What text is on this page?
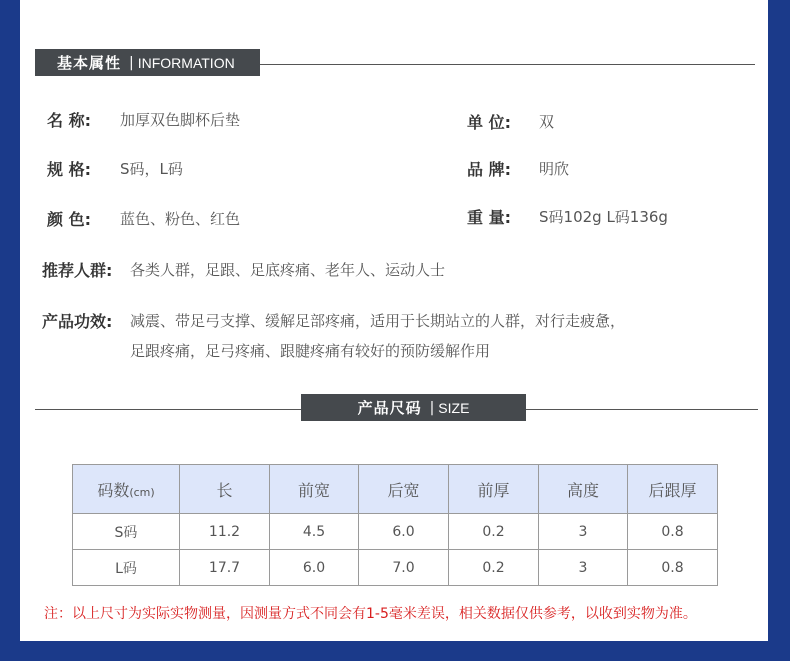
基本属性 | INFORMATION
名 称: 加厚双色脚杯后垫	单 位: 双
规 格: S码，L码	品 牌: 明欣
颜 色: 蓝色、粉色、红色	重 量: S码102g L码136g
推荐人群: 各类人群，足跟、足底疼痛、老年人、运动人士
产品功效: 减震、带足弓支撑、缓解足部疼痛，适用于长期站立的人群，对行走疲惫，
足跟疼痛，足弓疼痛、跟腱疼痛有较好的预防缓解作用
产品尺码 | SIZE
码数(cm)	长	前宽	后宽	前厚	高度	后跟厚
S码	11.2	4.5	6.0	0.2	3	0.8
L码	17.7	6.0	7.0	0.2	3	0.8
注：以上尺寸为实际实物测量，因测量方式不同会有1-5毫米差误，相关数据仅供参考，以收到实物为准。
